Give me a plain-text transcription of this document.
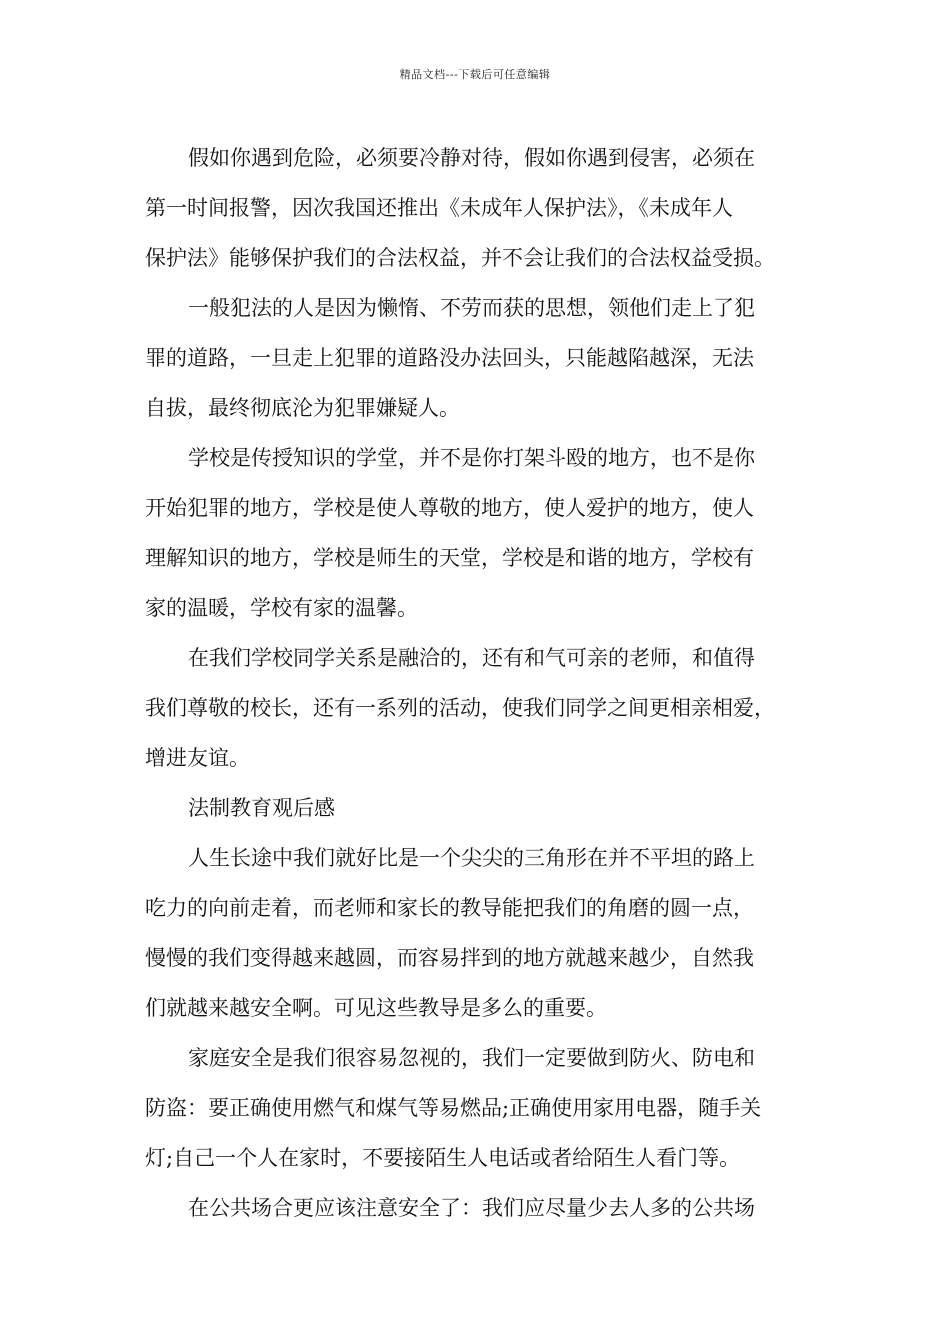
精品文档---下载后可任意编辑
假如你遇到危险，必须要冷静对待，假如你遇到侵害，必须在
第一时间报警，因次我国还推出《未成年人保护法》，《未成年人
保护法》能够保护我们的合法权益，并不会让我们的合法权益受损。
一般犯法的人是因为懒惰、不劳而获的思想，领他们走上了犯
罪的道路，一旦走上犯罪的道路没办法回头，只能越陷越深，无法
自拔，最终彻底沦为犯罪嫌疑人。
学校是传授知识的学堂，并不是你打架斗殴的地方，也不是你
开始犯罪的地方，学校是使人尊敬的地方，使人爱护的地方，使人
理解知识的地方，学校是师生的天堂，学校是和谐的地方，学校有
家的温暖，学校有家的温馨。
在我们学校同学关系是融洽的，还有和气可亲的老师，和值得
我们尊敬的校长，还有一系列的活动，使我们同学之间更相亲相爱，
增进友谊。
法制教育观后感
人生长途中我们就好比是一个尖尖的三角形在并不平坦的路上
吃力的向前走着，而老师和家长的教导能把我们的角磨的圆一点，
慢慢的我们变得越来越圆，而容易拌到的地方就越来越少，自然我
们就越来越安全啊。可见这些教导是多么的重要。
家庭安全是我们很容易忽视的，我们一定要做到防火、防电和
防盗：要正确使用燃气和煤气等易燃品;正确使用家用电器，随手关
灯;自己一个人在家时，不要接陌生人电话或者给陌生人看门等。
在公共场合更应该注意安全了：我们应尽量少去人多的公共场
